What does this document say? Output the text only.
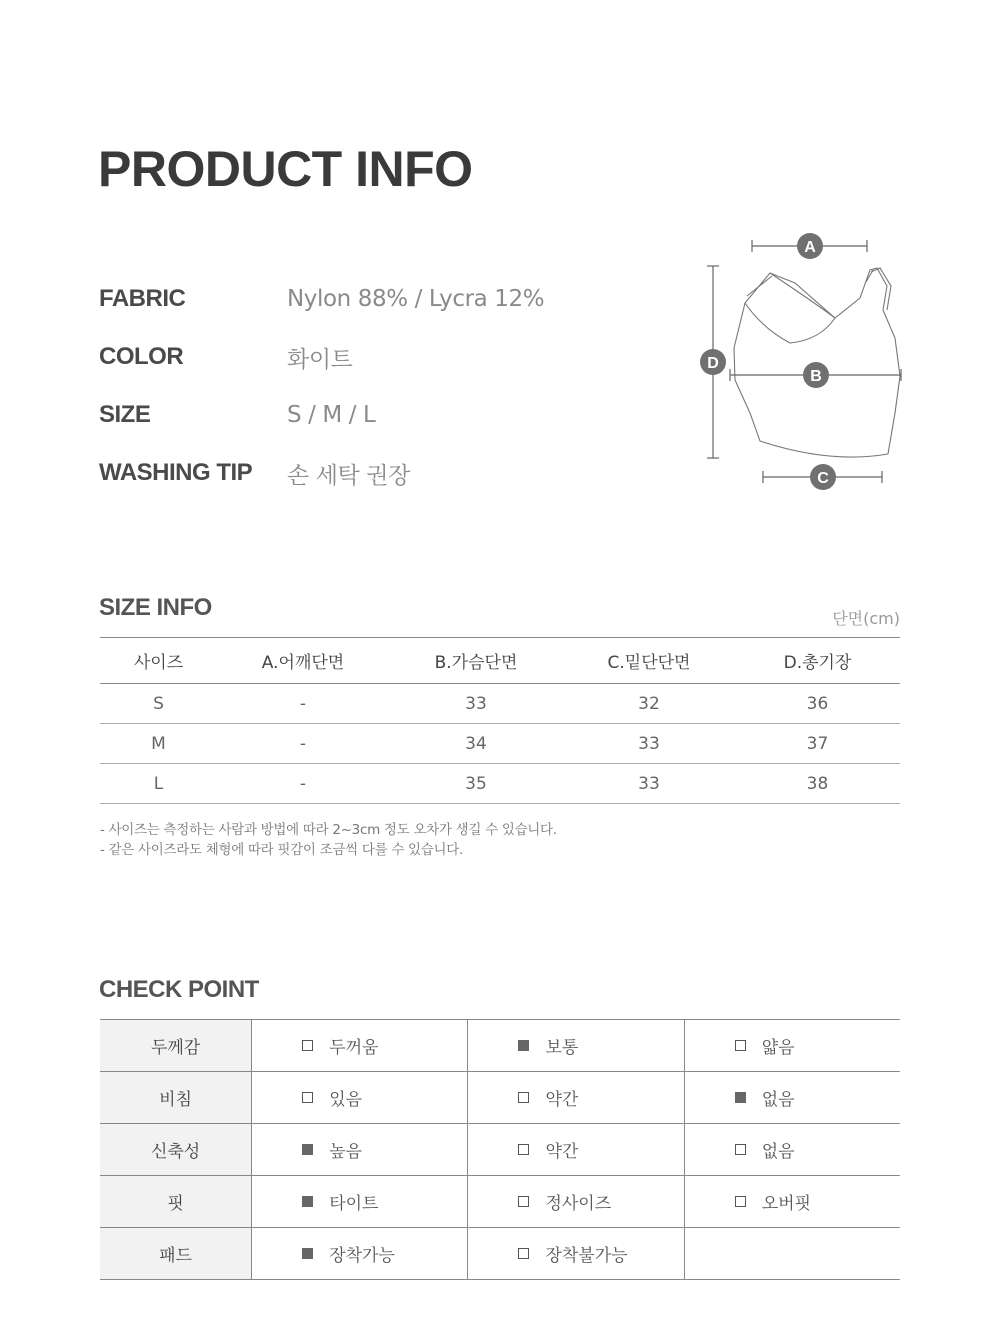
PRODUCT INFO
FABRIC	Nylon 88% / Lycra 12%
COLOR	화이트
SIZE	S / M / L
WASHING TIP	손 세탁 권장
A
B
C
D
SIZE INFO	단면(cm)
사이즈	A.어깨단면	B.가슴단면	C.밑단단면	D.총기장
S	-	33	32	36
M	-	34	33	37
L	-	35	33	38
- 사이즈는 측정하는 사람과 방법에 따라 2~3cm 정도 오차가 생길 수 있습니다.
- 같은 사이즈라도 체형에 따라 핏감이 조금씩 다를 수 있습니다.
CHECK POINT
두께감	두꺼움	보통	얇음

비침	있음	약간	없음

신축성	높음	약간	없음

핏	타이트	정사이즈	오버핏

패드	장착가능	장착불가능	
